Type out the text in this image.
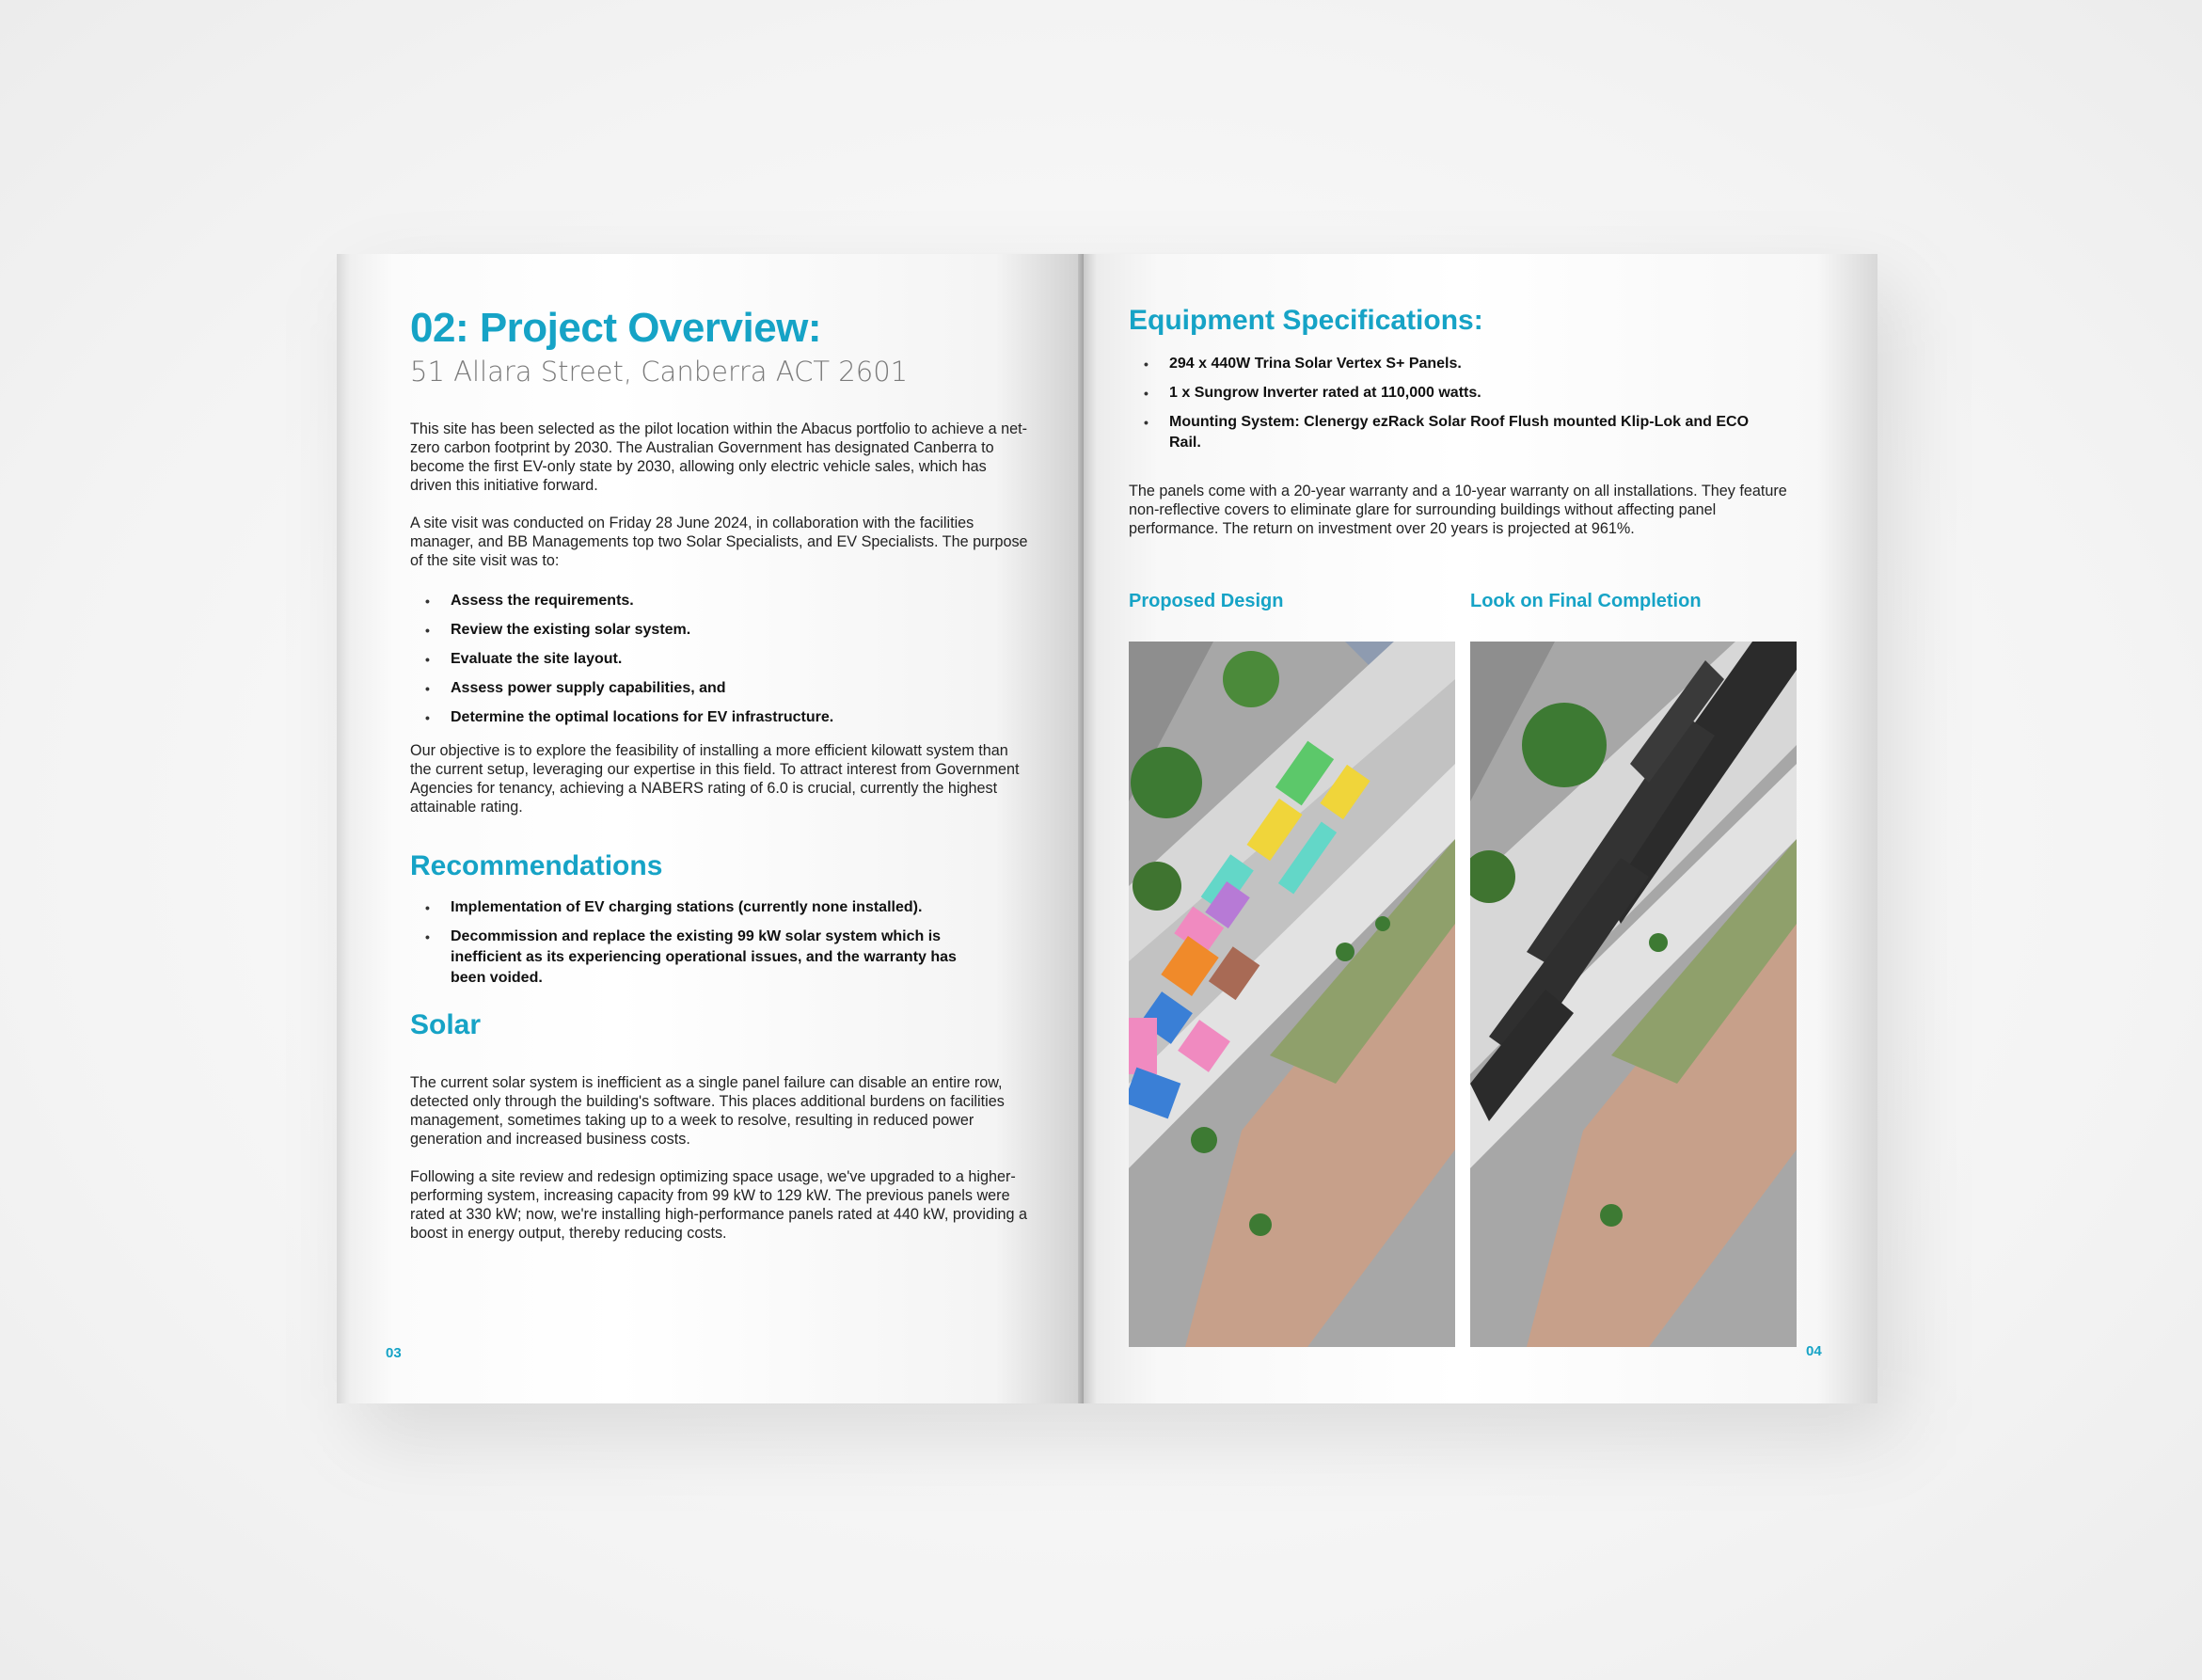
02: Project Overview:
51 Allara Street, Canberra ACT 2601

This site has been selected as the pilot location within the Abacus portfolio to achieve a net-zero carbon footprint by 2030. The Australian Government has designated Canberra to become the first EV-only state by 2030, allowing only electric vehicle sales, which has driven this initiative forward.

A site visit was conducted on Friday 28 June 2024, in collaboration with the facilities manager, and BB Managements top two Solar Specialists, and EV Specialists. The purpose of the site visit was to:

• Assess the requirements.
• Review the existing solar system.
• Evaluate the site layout.
• Assess power supply capabilities, and
• Determine the optimal locations for EV infrastructure.

Our objective is to explore the feasibility of installing a more efficient kilowatt system than the current setup, leveraging our expertise in this field. To attract interest from Government Agencies for tenancy, achieving a NABERS rating of 6.0 is crucial, currently the highest attainable rating.

Recommendations
• Implementation of EV charging stations (currently none installed).
• Decommission and replace the existing 99 kW solar system which is inefficient as its experiencing operational issues, and the warranty has been voided.
Solar

The current solar system is inefficient as a single panel failure can disable an entire row, detected only through the building's software. This places additional burdens on facilities management, sometimes taking up to a week to resolve, resulting in reduced power generation and increased business costs.

Following a site review and redesign optimizing space usage, we've upgraded to a higher-performing system, increasing capacity from 99 kW to 129 kW. The previous panels were rated at 330 kW; now, we're installing high-performance panels rated at 440 kW, providing a boost in energy output, thereby reducing costs.

03
Equipment Specifications:
• 294 x 440W Trina Solar Vertex S+ Panels.
• 1 x Sungrow Inverter rated at 110,000 watts.
• Mounting System: Clenergy ezRack Solar Roof Flush mounted Klip-Lok and ECO Rail.

The panels come with a 20-year warranty and a 10-year warranty on all installations. They feature non-reflective covers to eliminate glare for surrounding buildings without affecting panel performance. The return on investment over 20 years is projected at 961%.

Proposed Design	Look on Final Completion
04
